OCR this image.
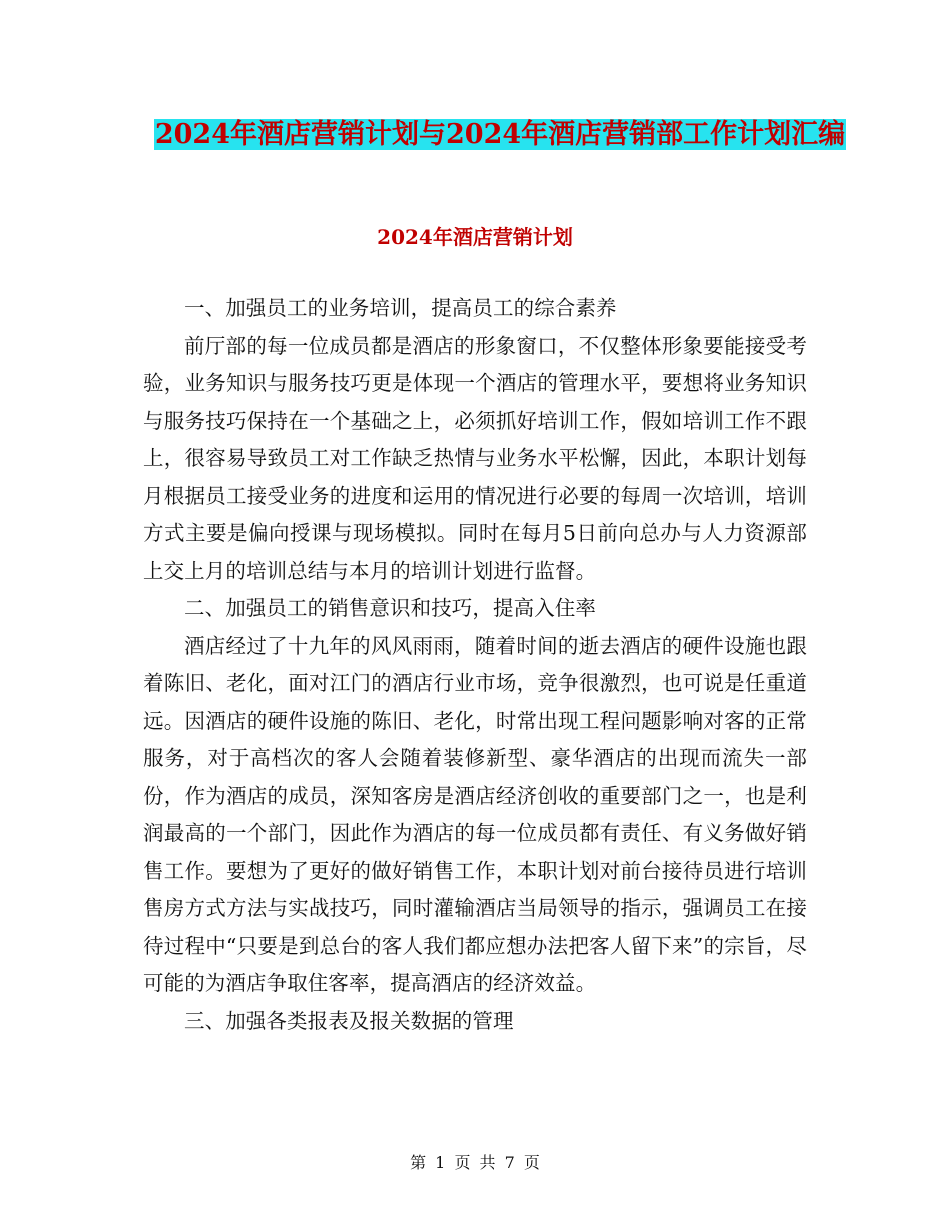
2024年酒店营销计划与2024年酒店营销部工作计划汇编
2024年酒店营销计划

一、加强员工的业务培训，提高员工的综合素养

前厅部的每一位成员都是酒店的形象窗口，不仅整体形象要能接受考验，业务知识与服务技巧更是体现一个酒店的管理水平，要想将业务知识与服务技巧保持在一个基础之上，必须抓好培训工作，假如培训工作不跟上，很容易导致员工对工作缺乏热情与业务水平松懈，因此，本职计划每月根据员工接受业务的进度和运用的情况进行必要的每周一次培训，培训方式主要是偏向授课与现场模拟。同时在每月5日前向总办与人力资源部上交上月的培训总结与本月的培训计划进行监督。

二、加强员工的销售意识和技巧，提高入住率

酒店经过了十九年的风风雨雨，随着时间的逝去酒店的硬件设施也跟着陈旧、老化，面对江门的酒店行业市场，竞争很激烈，也可说是任重道远。因酒店的硬件设施的陈旧、老化，时常出现工程问题影响对客的正常服务，对于高档次的客人会随着装修新型、豪华酒店的出现而流失一部份，作为酒店的成员，深知客房是酒店经济创收的重要部门之一，也是利润最高的一个部门，因此作为酒店的每一位成员都有责任、有义务做好销售工作。要想为了更好的做好销售工作，本职计划对前台接待员进行培训售房方式方法与实战技巧，同时灌输酒店当局领导的指示，强调员工在接待过程中“只要是到总台的客人我们都应想办法把客人留下来”的宗旨，尽可能的为酒店争取住客率，提高酒店的经济效益。

三、加强各类报表及报关数据的管理

第 1 页 共 7 页
